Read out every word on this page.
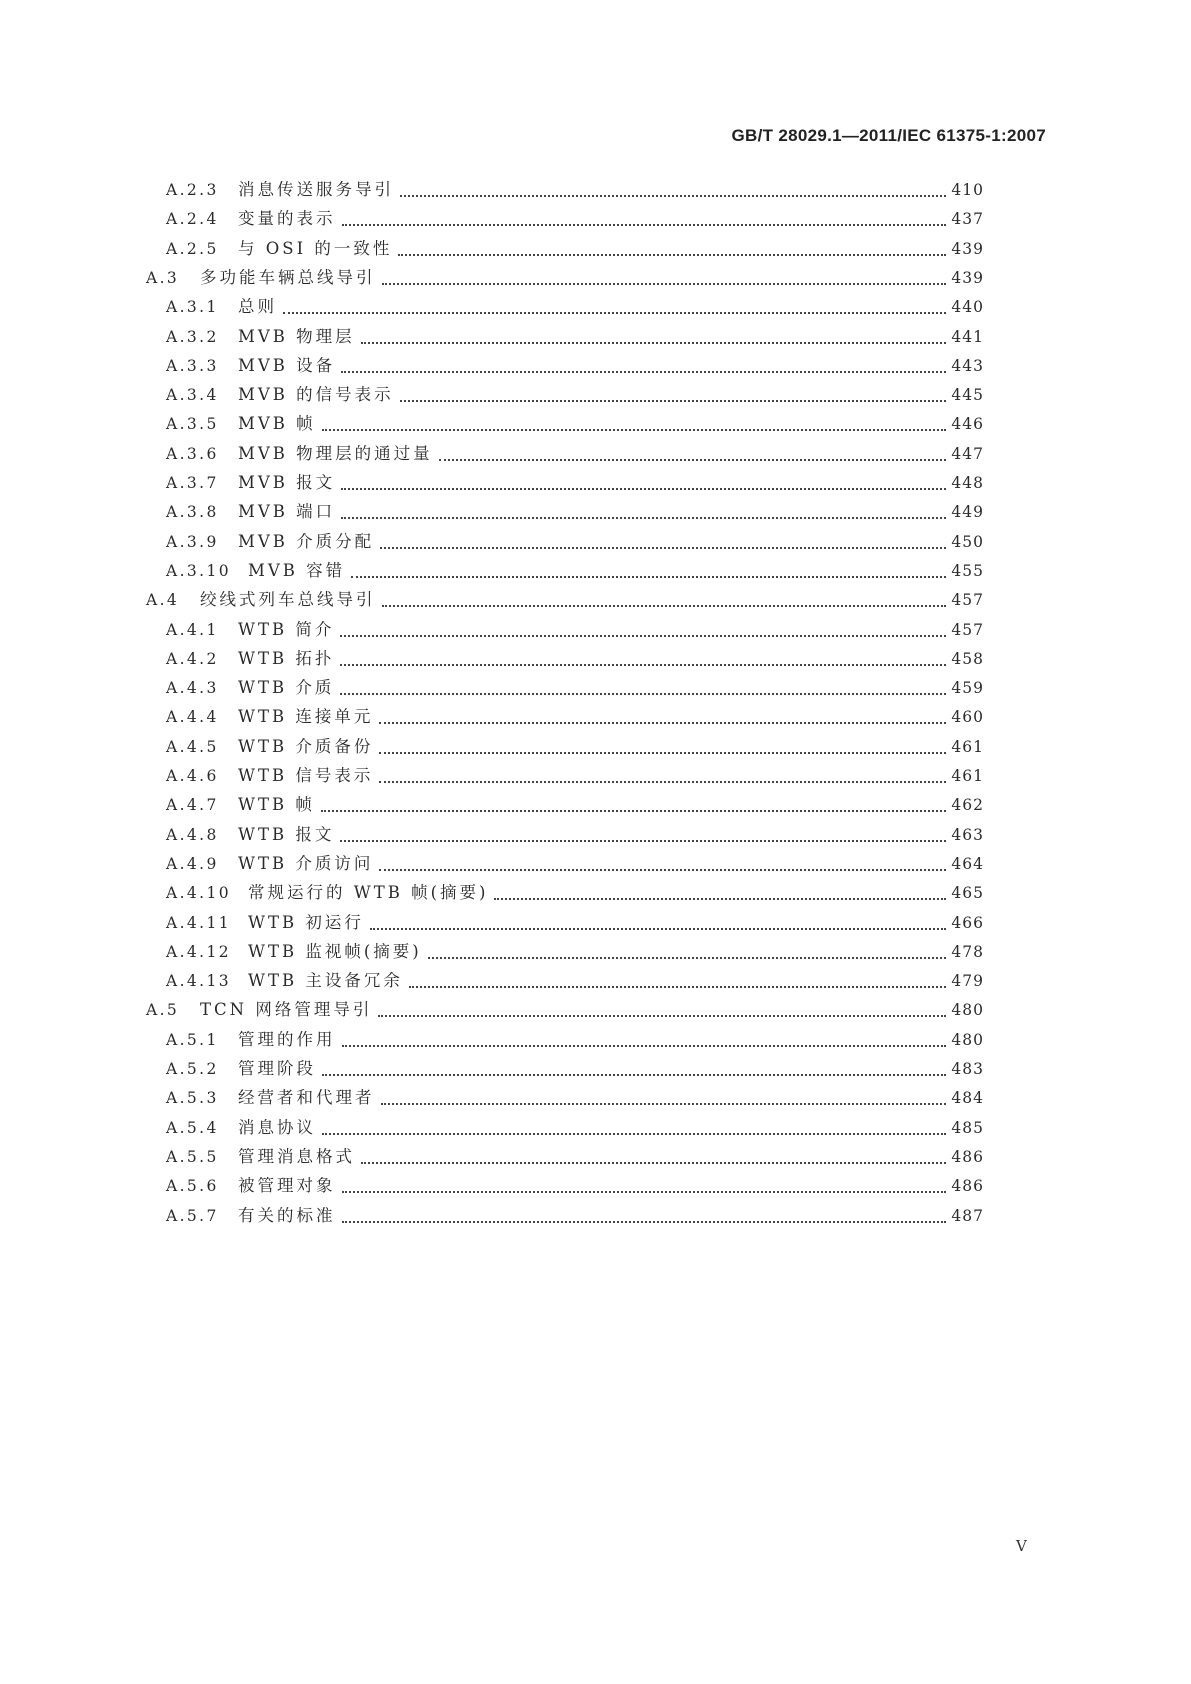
GB/T 28029.1—2011/IEC 61375-1:2007
A.2.3	消息传送服务导引	410
A.2.4	变量的表示	437
A.2.5	与 OSI 的一致性	439
A.3	多功能车辆总线导引	439
A.3.1	总则	440
A.3.2	MVB 物理层	441
A.3.3	MVB 设备	443
A.3.4	MVB 的信号表示	445
A.3.5	MVB 帧	446
A.3.6	MVB 物理层的通过量	447
A.3.7	MVB 报文	448
A.3.8	MVB 端口	449
A.3.9	MVB 介质分配	450
A.3.10	MVB 容错	455
A.4	绞线式列车总线导引	457
A.4.1	WTB 简介	457
A.4.2	WTB 拓扑	458
A.4.3	WTB 介质	459
A.4.4	WTB 连接单元	460
A.4.5	WTB 介质备份	461
A.4.6	WTB 信号表示	461
A.4.7	WTB 帧	462
A.4.8	WTB 报文	463
A.4.9	WTB 介质访问	464
A.4.10	常规运行的 WTB 帧(摘要)	465
A.4.11	WTB 初运行	466
A.4.12	WTB 监视帧(摘要)	478
A.4.13	WTB 主设备冗余	479
A.5	TCN 网络管理导引	480
A.5.1	管理的作用	480
A.5.2	管理阶段	483
A.5.3	经营者和代理者	484
A.5.4	消息协议	485
A.5.5	管理消息格式	486
A.5.6	被管理对象	486
A.5.7	有关的标准	487
V
